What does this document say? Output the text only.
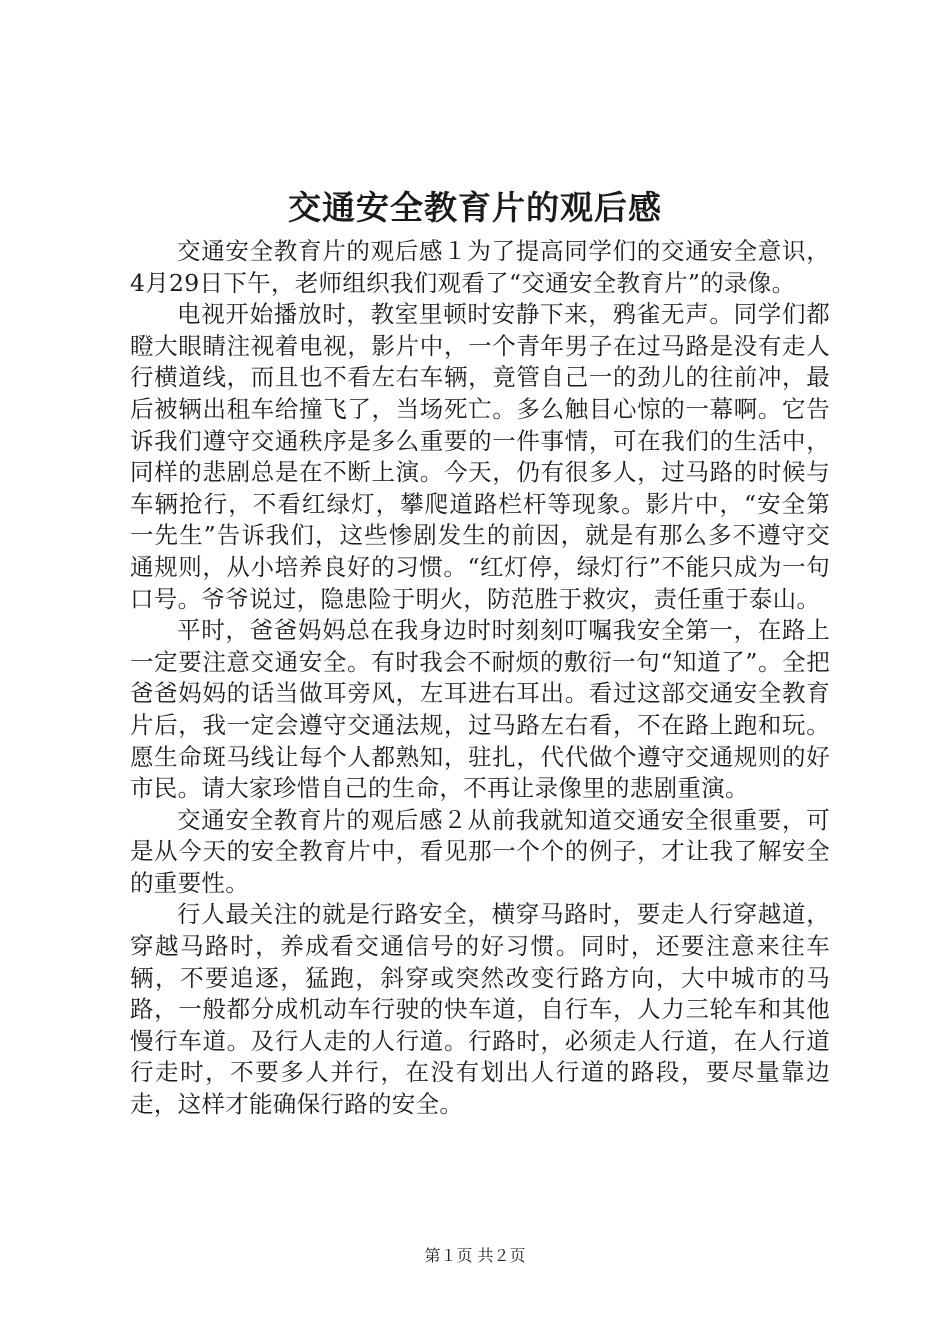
交通安全教育片的观后感

交通安全教育片的观后感１为了提高同学们的交通安全意识，4月29日下午，老师组织我们观看了“交通安全教育片”的录像。

电视开始播放时，教室里顿时安静下来，鸦雀无声。同学们都瞪大眼睛注视着电视，影片中，一个青年男子在过马路是没有走人行横道线，而且也不看左右车辆，竟管自己一的劲儿的往前冲，最后被辆出租车给撞飞了，当场死亡。多么触目心惊的一幕啊。它告诉我们遵守交通秩序是多么重要的一件事情，可在我们的生活中，同样的悲剧总是在不断上演。今天，仍有很多人，过马路的时候与车辆抢行，不看红绿灯，攀爬道路栏杆等现象。影片中，“安全第一先生”告诉我们，这些惨剧发生的前因，就是有那么多不遵守交通规则，从小培养良好的习惯。“红灯停，绿灯行”不能只成为一句口号。爷爷说过，隐患险于明火，防范胜于救灾，责任重于泰山。

平时，爸爸妈妈总在我身边时时刻刻叮嘱我安全第一，在路上一定要注意交通安全。有时我会不耐烦的敷衍一句“知道了”。全把爸爸妈妈的话当做耳旁风，左耳进右耳出。看过这部交通安全教育片后，我一定会遵守交通法规，过马路左右看，不在路上跑和玩。愿生命斑马线让每个人都熟知，驻扎，代代做个遵守交通规则的好市民。请大家珍惜自己的生命，不再让录像里的悲剧重演。

交通安全教育片的观后感２从前我就知道交通安全很重要，可是从今天的安全教育片中，看见那一个个的例子，才让我了解安全的重要性。

行人最关注的就是行路安全，横穿马路时，要走人行穿越道，穿越马路时，养成看交通信号的好习惯。同时，还要注意来往车辆，不要追逐，猛跑，斜穿或突然改变行路方向，大中城市的马路，一般都分成机动车行驶的快车道，自行车，人力三轮车和其他慢行车道。及行人走的人行道。行路时，必须走人行道，在人行道行走时，不要多人并行，在没有划出人行道的路段，要尽量靠边走，这样才能确保行路的安全。

第１页 共２页
